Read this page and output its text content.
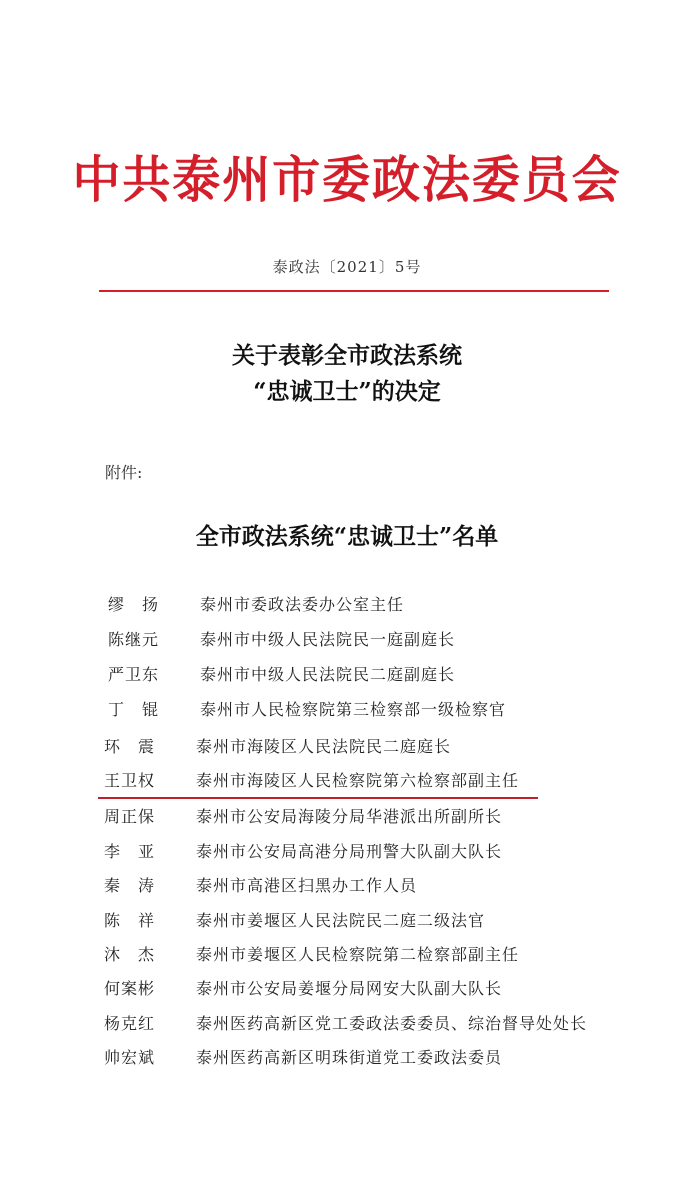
中共泰州市委政法委员会
泰政法〔2021〕5号
关于表彰全市政法系统
“忠诚卫士”的决定
附件:
全市政法系统“忠诚卫士”名单
缪　扬	泰州市委政法委办公室主任
陈继元	泰州市中级人民法院民一庭副庭长
严卫东	泰州市中级人民法院民二庭副庭长
丁　锟	泰州市人民检察院第三检察部一级检察官
环　震	泰州市海陵区人民法院民二庭庭长
王卫权	泰州市海陵区人民检察院第六检察部副主任
周正保	泰州市公安局海陵分局华港派出所副所长
李　亚	泰州市公安局高港分局刑警大队副大队长
秦　涛	泰州市高港区扫黑办工作人员
陈　祥	泰州市姜堰区人民法院民二庭二级法官
沐　杰	泰州市姜堰区人民检察院第二检察部副主任
何案彬	泰州市公安局姜堰分局网安大队副大队长
杨克红	泰州医药高新区党工委政法委委员、综治督导处处长
帅宏斌	泰州医药高新区明珠街道党工委政法委员
